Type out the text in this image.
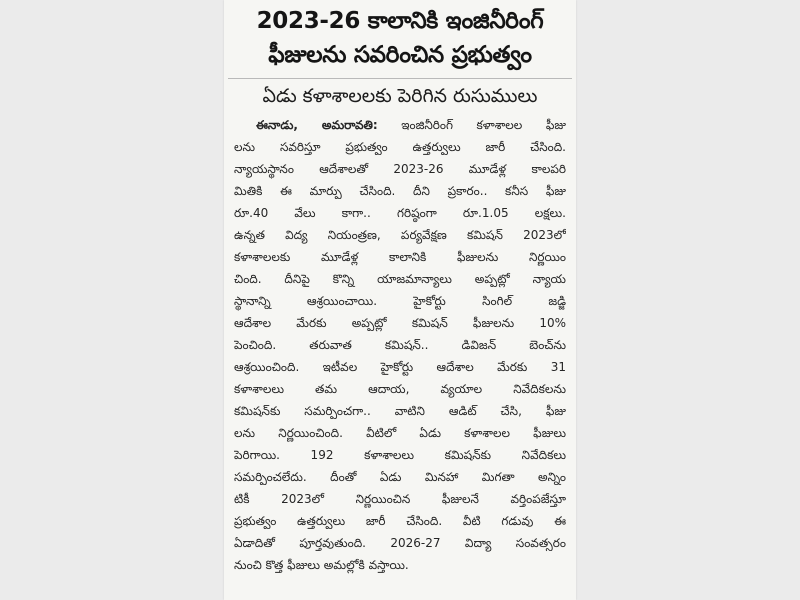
2023-26 కాలానికి ఇంజినీరింగ్
ఫీజులను సవరించిన ప్రభుత్వం
ఏడు కళాశాలలకు పెరిగిన రుసుములు
ఈనాడు, అమరావతి: ఇంజినీరింగ్ కళాశాలల ఫీజు
లను సవరిస్తూ ప్రభుత్వం ఉత్తర్వులు జారీ చేసింది.
న్యాయస్థానం ఆదేశాలతో 2023-26 మూడేళ్ల కాలపరి
మితికి ఈ మార్పు చేసింది. దీని ప్రకారం.. కనీస ఫీజు
రూ.40 వేలు కాగా.. గరిష్ఠంగా రూ.1.05 లక్షలు.
ఉన్నత విద్య నియంత్రణ, పర్యవేక్షణ కమిషన్ 2023లో
కళాశాలలకు మూడేళ్ల కాలానికి ఫీజులను నిర్ణయిం
చింది. దీనిపై కొన్ని యాజమాన్యాలు అప్పట్లో న్యాయ
స్థానాన్ని ఆశ్రయించాయి. హైకోర్టు సింగిల్ జడ్జి
ఆదేశాల మేరకు అప్పట్లో కమిషన్ ఫీజులను 10%
పెంచింది. తరువాత కమిషన్.. డివిజన్ బెంచ్‌ను
ఆశ్రయించింది. ఇటీవల హైకోర్టు ఆదేశాల మేరకు 31
కళాశాలలు తమ ఆదాయ, వ్యయాల నివేదికలను
కమిషన్‌కు సమర్పించగా.. వాటిని ఆడిట్ చేసి, ఫీజు
లను నిర్ణయించింది. వీటిలో ఏడు కళాశాలల ఫీజులు
పెరిగాయి. 192 కళాశాలలు కమిషన్‌కు నివేదికలు
సమర్పించలేదు. దీంతో ఏడు మినహా మిగతా అన్నిం
టికీ 2023లో నిర్ణయించిన ఫీజులనే వర్తింపజేస్తూ
ప్రభుత్వం ఉత్తర్వులు జారీ చేసింది. వీటి గడువు ఈ
ఏడాదితో పూర్తవుతుంది. 2026-27 విద్యా సంవత్సరం
నుంచి కొత్త ఫీజులు అమల్లోకి వస్తాయి.
